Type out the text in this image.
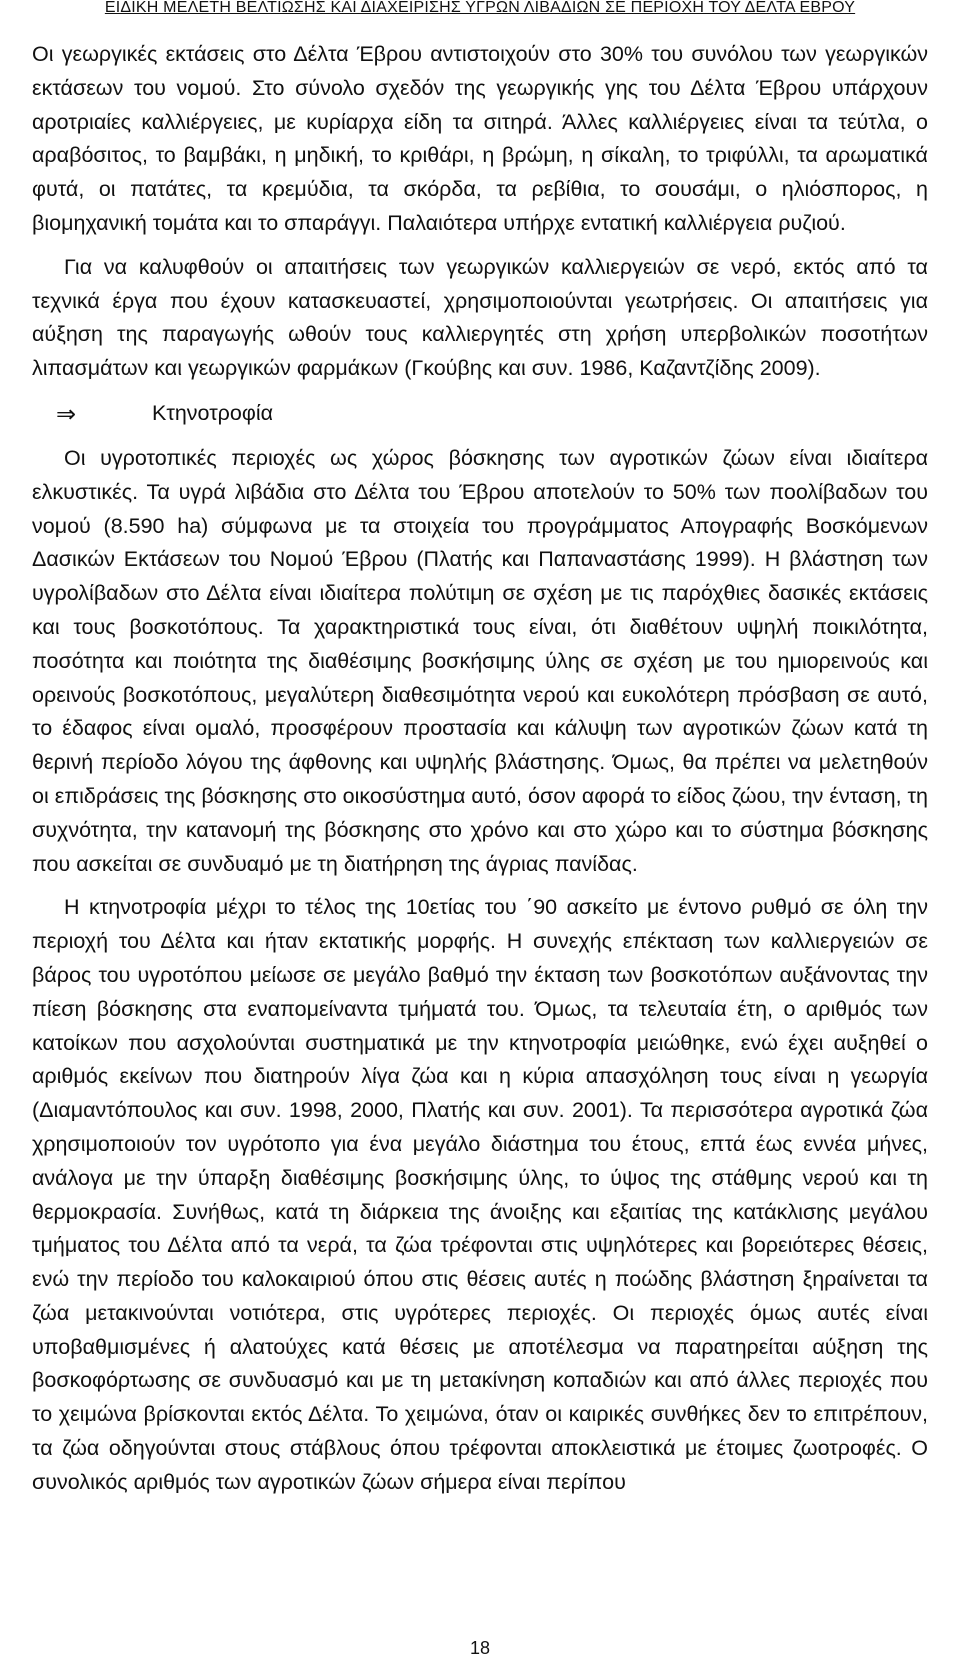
ΕΙΔΙΚΗ ΜΕΛΕΤΗ ΒΕΛΤΙΩΣΗΣ ΚΑΙ ΔΙΑΧΕΙΡΙΣΗΣ ΥΓΡΩΝ ΛΙΒΑΔΙΩΝ ΣΕ ΠΕΡΙΟΧΗ ΤΟΥ ΔΕΛΤΑ ΕΒΡΟΥ

Οι γεωργικές εκτάσεις στο Δέλτα Έβρου αντιστοιχούν στο 30% του συνόλου των γεωργικών εκτάσεων του νομού. Στο σύνολο σχεδόν της γεωργικής γης του Δέλτα Έβρου υπάρχουν αροτριαίες καλλιέργειες, με κυρίαρχα είδη τα σιτηρά. Άλλες καλλιέργειες είναι τα τεύτλα, ο αραβόσιτος, το βαμβάκι, η μηδική, το κριθάρι, η βρώμη, η σίκαλη, το τριφύλλι, τα αρωματικά φυτά, οι πατάτες, τα κρεμύδια, τα σκόρδα, τα ρεβίθια, το σουσάμι, ο ηλιόσπορος, η βιομηχανική τομάτα και το σπαράγγι. Παλαιότερα υπήρχε εντατική καλλιέργεια ρυζιού.

Για να καλυφθούν οι απαιτήσεις των γεωργικών καλλιεργειών σε νερό, εκτός από τα τεχνικά έργα που έχουν κατασκευαστεί, χρησιμοποιούνται γεωτρήσεις. Οι απαιτήσεις για αύξηση της παραγωγής ωθούν τους καλλιεργητές στη χρήση υπερβολικών ποσοτήτων λιπασμάτων και γεωργικών φαρμάκων (Γκούβης και συν. 1986, Καζαντζίδης 2009).

⇒	Κτηνοτροφία

Οι υγροτοπικές περιοχές ως χώρος βόσκησης των αγροτικών ζώων είναι ιδιαίτερα ελκυστικές. Τα υγρά λιβάδια στο Δέλτα του Έβρου αποτελούν το 50% των ποολίβαδων του νομού (8.590 ha) σύμφωνα με τα στοιχεία του προγράμματος Απογραφής Βοσκόμενων Δασικών Εκτάσεων του Νομού Έβρου (Πλατής και Παπαναστάσης 1999). Η βλάστηση των υγρολίβαδων στο Δέλτα είναι ιδιαίτερα πολύτιμη σε σχέση με τις παρόχθιες δασικές εκτάσεις και τους βοσκοτόπους. Τα χαρακτηριστικά τους είναι, ότι διαθέτουν υψηλή ποικιλότητα, ποσότητα και ποιότητα της διαθέσιμης βοσκήσιμης ύλης σε σχέση με του ημιορεινούς και ορεινούς βοσκοτόπους, μεγαλύτερη διαθεσιμότητα νερού και ευκολότερη πρόσβαση σε αυτό, το έδαφος είναι ομαλό, προσφέρουν προστασία και κάλυψη των αγροτικών ζώων κατά τη θερινή περίοδο λόγου της άφθονης και υψηλής βλάστησης. Όμως, θα πρέπει να μελετηθούν οι επιδράσεις της βόσκησης στο οικοσύστημα αυτό, όσον αφορά το είδος ζώου, την ένταση, τη συχνότητα, την κατανομή της βόσκησης στο χρόνο και στο χώρο και το σύστημα βόσκησης που ασκείται σε συνδυαμό με τη διατήρηση της άγριας πανίδας.

Η κτηνοτροφία μέχρι το τέλος της 10ετίας του ΄90 ασκείτο με έντονο ρυθμό σε όλη την περιοχή του Δέλτα και ήταν εκτατικής μορφής. Η συνεχής επέκταση των καλλιεργειών σε βάρος του υγροτόπου μείωσε σε μεγάλο βαθμό την έκταση των βοσκοτόπων αυξάνοντας την πίεση βόσκησης στα εναπομείναντα τμήματά του. Όμως, τα τελευταία έτη, ο αριθμός των κατοίκων που ασχολούνται συστηματικά με την κτηνοτροφία μειώθηκε, ενώ έχει αυξηθεί ο αριθμός εκείνων που διατηρούν λίγα ζώα και η κύρια απασχόληση τους είναι η γεωργία (Διαμαντόπουλος και συν. 1998, 2000, Πλατής και συν. 2001). Τα περισσότερα αγροτικά ζώα χρησιμοποιούν τον υγρότοπο για ένα μεγάλο διάστημα του έτους, επτά έως εννέα μήνες, ανάλογα με την ύπαρξη διαθέσιμης βοσκήσιμης ύλης, το ύψος της στάθμης νερού και τη θερμοκρασία. Συνήθως, κατά τη διάρκεια της άνοιξης και εξαιτίας της κατάκλισης μεγάλου τμήματος του Δέλτα από τα νερά, τα ζώα τρέφονται στις υψηλότερες και βορειότερες θέσεις, ενώ την περίοδο του καλοκαιριού όπου στις θέσεις αυτές η ποώδης βλάστηση ξηραίνεται τα ζώα μετακινούνται νοτιότερα, στις υγρότερες περιοχές. Οι περιοχές όμως αυτές είναι υποβαθμισμένες ή αλατούχες κατά θέσεις με αποτέλεσμα να παρατηρείται αύξηση της βοσκοφόρτωσης σε συνδυασμό και με τη μετακίνηση κοπαδιών και από άλλες περιοχές που το χειμώνα βρίσκονται εκτός Δέλτα. Το χειμώνα, όταν οι καιρικές συνθήκες δεν το επιτρέπουν, τα ζώα οδηγούνται στους στάβλους όπου τρέφονται αποκλειστικά με έτοιμες ζωοτροφές. Ο συνολικός αριθμός των αγροτικών ζώων σήμερα είναι περίπου

18
